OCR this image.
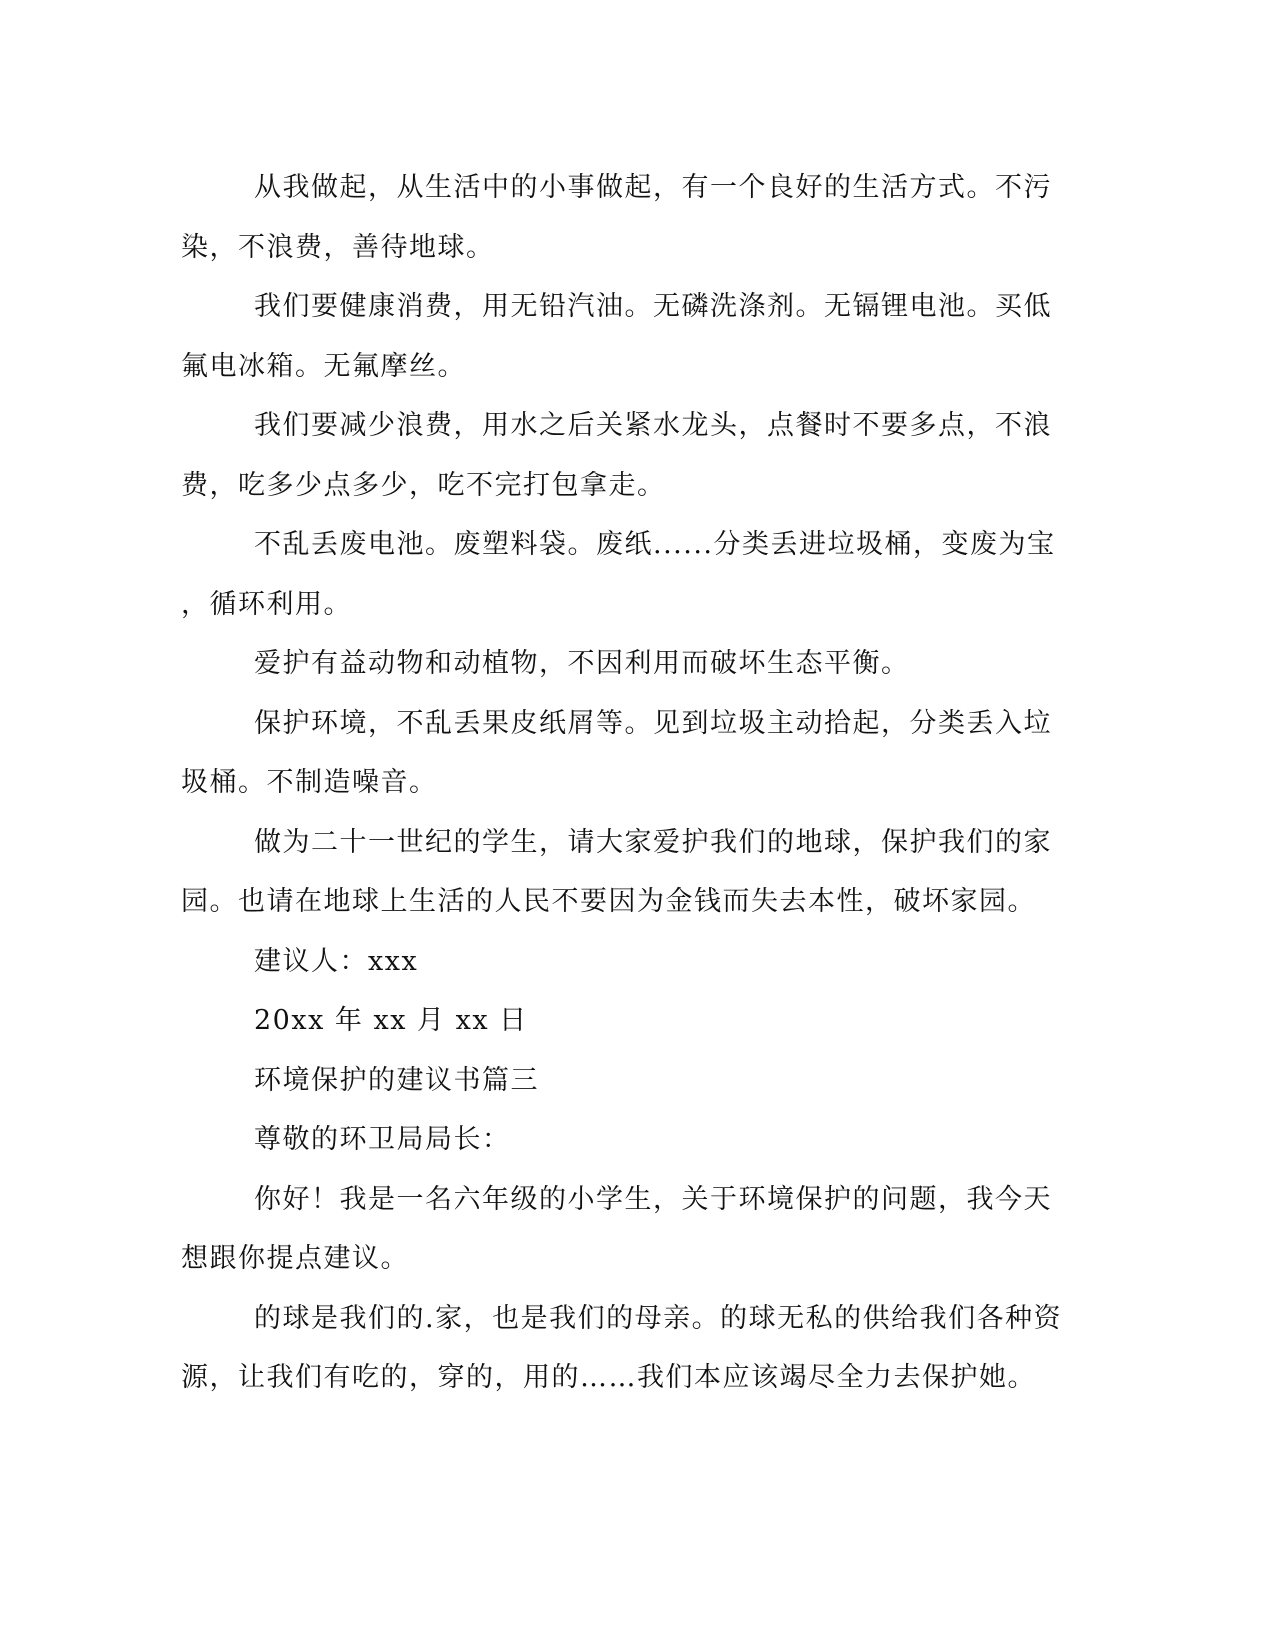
从我做起，从生活中的小事做起，有一个良好的生活方式。不污
染，不浪费，善待地球。
我们要健康消费，用无铅汽油。无磷洗涤剂。无镉锂电池。买低
氟电冰箱。无氟摩丝。
我们要减少浪费，用水之后关紧水龙头，点餐时不要多点，不浪
费，吃多少点多少，吃不完打包拿走。
不乱丢废电池。废塑料袋。废纸......分类丢进垃圾桶，变废为宝
，循环利用。
爱护有益动物和动植物，不因利用而破坏生态平衡。
保护环境，不乱丢果皮纸屑等。见到垃圾主动拾起，分类丢入垃
圾桶。不制造噪音。
做为二十一世纪的学生，请大家爱护我们的地球，保护我们的家
园。也请在地球上生活的人民不要因为金钱而失去本性，破坏家园。
建议人：xxx
20xx 年 xx 月 xx 日
环境保护的建议书篇三
尊敬的环卫局局长：
你好！我是一名六年级的小学生，关于环境保护的问题，我今天
想跟你提点建议。
的球是我们的.家，也是我们的母亲。的球无私的供给我们各种资
源，让我们有吃的，穿的，用的……我们本应该竭尽全力去保护她。
